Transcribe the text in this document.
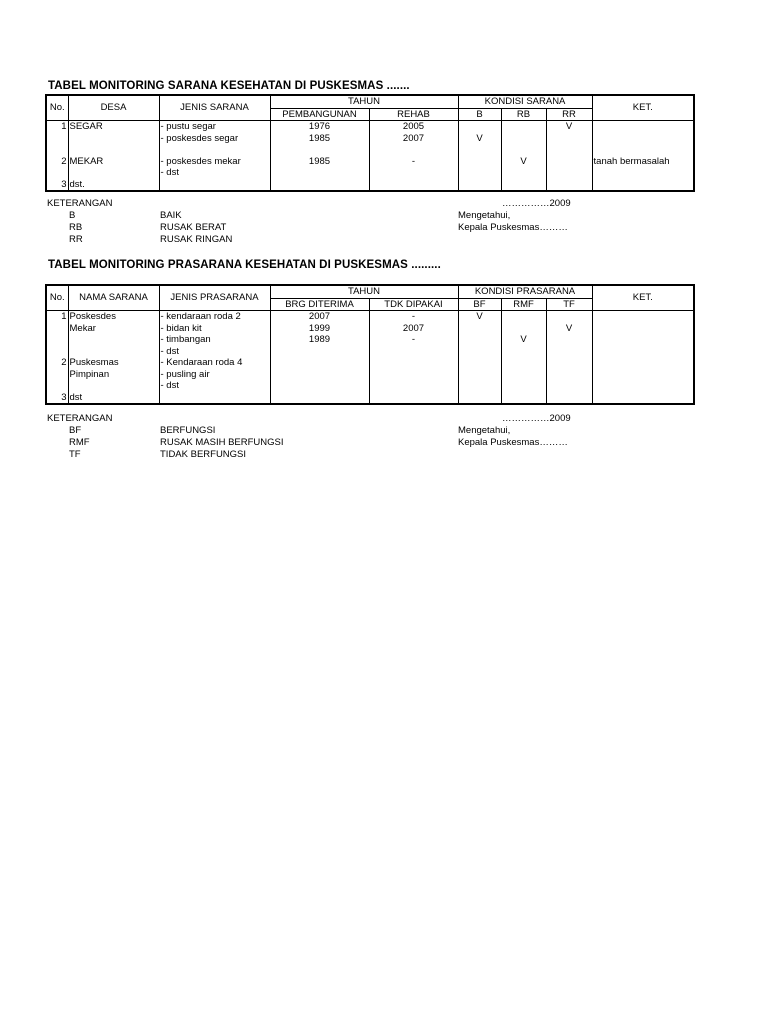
TABEL MONITORING SARANA KESEHATAN DI PUSKESMAS .......
No.	DESA	JENIS SARANA	TAHUN		KONDISI SARANA			KET.
			PEMBANGUNAN	REHAB	B	RB	RR	
1	SEGAR	- pustu segar	1976	2005			V	
		- poskesdes segar	1985	2007	V			

2	MEKAR	- poskesdes mekar	1985	-		V		tanah bermasalah
		- dst						
3	dst.							
KETERANGAN	……………2009
B	BAIK	Mengetahui,
RB	RUSAK BERAT	Kepala Puskesmas………
RR	RUSAK RINGAN
TABEL MONITORING PRASARANA KESEHATAN DI PUSKESMAS .........
No.	NAMA SARANA	JENIS PRASARANA	TAHUN		KONDISI PRASARANA			KET.
			BRG DITERIMA	TDK DIPAKAI	BF	RMF	TF	
1	Poskesdes	- kendaraan roda 2	2007	-	V			
	Mekar	- bidan kit	1999	2007			V	
		- timbangan	1989	-		V		
		- dst						
2	Puskesmas	- Kendaraan roda 4						
	Pimpinan	- pusling air						
		- dst						
3	dst							
KETERANGAN	……………2009
BF	BERFUNGSI	Mengetahui,
RMF	RUSAK MASIH BERFUNGSI	Kepala Puskesmas………
TF	TIDAK BERFUNGSI
